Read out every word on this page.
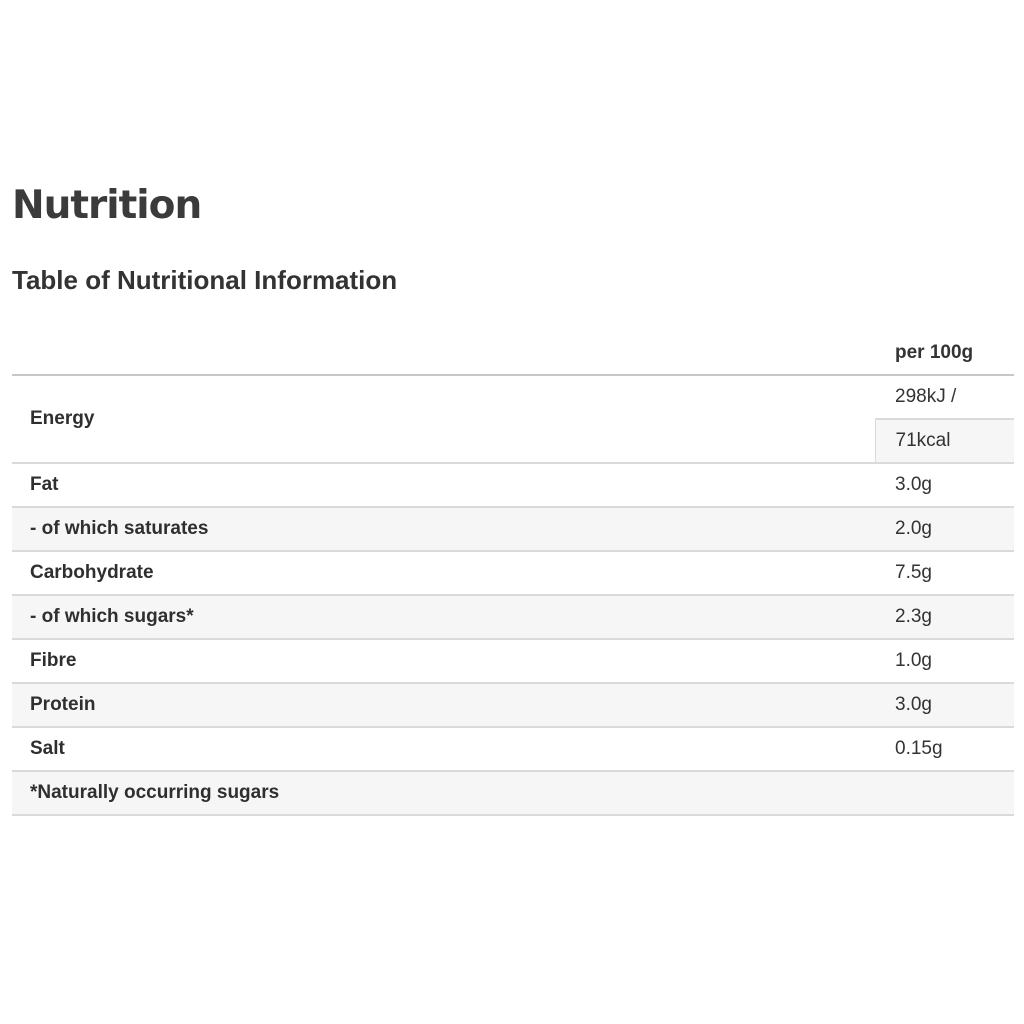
Nutrition
Table of Nutritional Information
	per 100g
Energy	298kJ /
	71kcal
Fat	3.0g
- of which saturates	2.0g
Carbohydrate	7.5g
- of which sugars*	2.3g
Fibre	1.0g
Protein	3.0g
Salt	0.15g
*Naturally occurring sugars	
